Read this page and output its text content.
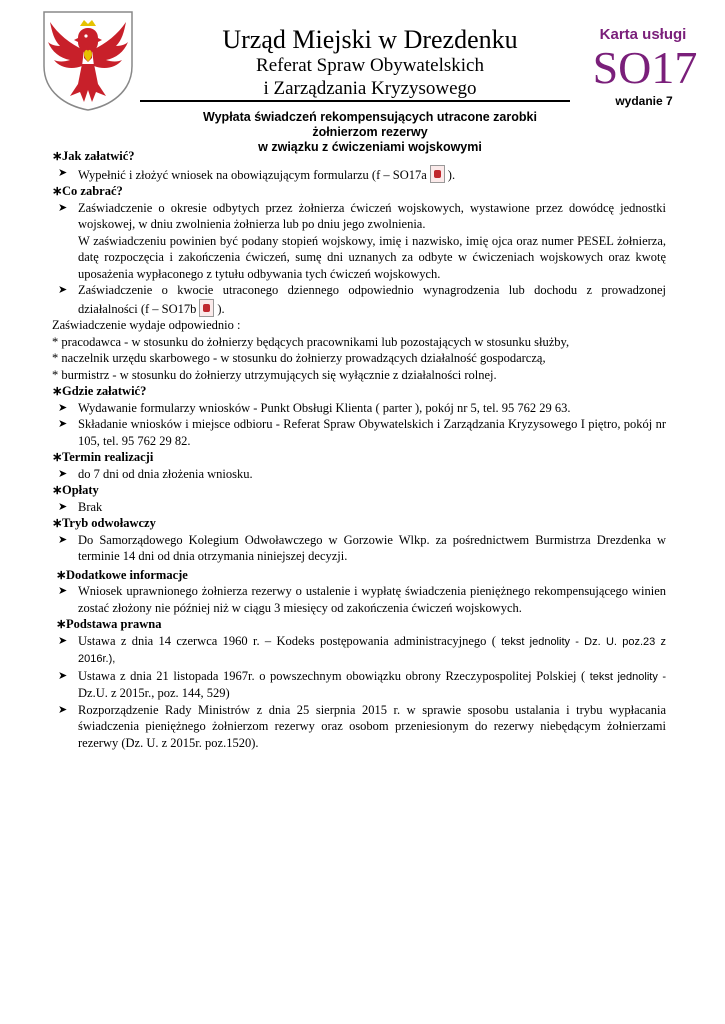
Urząd Miejski w Drezdenku
Referat Spraw Obywatelskich
i Zarządzania Kryzysowego
Karta usługi
SO17
wydanie 7
Wypłata świadczeń rekompensujących utracone zarobki
żołnierzom rezerwy
w związku z ćwiczeniami wojskowymi
∗ Jak załatwić?
➤ Wypełnić i złożyć wniosek na obowiązującym formularzu (f – SO17a ).
∗ Co zabrać?
➤ Zaświadczenie o okresie odbytych przez żołnierza ćwiczeń wojskowych, wystawione przez dowódcę jednostki wojskowej, w dniu zwolnienia żołnierza lub po dniu jego zwolnienia.
W zaświadczeniu powinien być podany stopień wojskowy, imię i nazwisko, imię ojca oraz numer PESEL żołnierza, datę rozpoczęcia i zakończenia ćwiczeń, sumę dni uznanych za odbyte w ćwiczeniach wojskowych oraz kwotę uposażenia wypłaconego z tytułu odbywania tych ćwiczeń wojskowych.
➤ Zaświadczenie o kwocie utraconego dziennego odpowiednio wynagrodzenia lub dochodu z prowadzonej działalności (f – SO17b ).
Zaświadczenie wydaje odpowiednio :
* pracodawca - w stosunku do żołnierzy będących pracownikami lub pozostających w stosunku służby,
* naczelnik urzędu skarbowego - w stosunku do żołnierzy prowadzących działalność gospodarczą,
* burmistrz - w stosunku do żołnierzy utrzymujących się wyłącznie z działalności rolnej.
∗ Gdzie załatwić?
➤ Wydawanie formularzy wniosków - Punkt Obsługi Klienta ( parter ), pokój nr 5, tel. 95 762 29 63.
➤ Składanie wniosków i miejsce odbioru - Referat Spraw Obywatelskich i Zarządzania Kryzysowego I piętro, pokój nr 105, tel. 95 762 29 82.
∗ Termin realizacji
➤ do 7 dni od dnia złożenia wniosku.
∗ Opłaty
➤ Brak
∗ Tryb odwoławczy
➤ Do Samorządowego Kolegium Odwoławczego w Gorzowie Wlkp. za pośrednictwem Burmistrza Drezdenka w terminie 14 dni od dnia otrzymania niniejszej decyzji.
∗ Dodatkowe informacje
➤ Wniosek uprawnionego żołnierza rezerwy o ustalenie i wypłatę świadczenia pieniężnego rekompensującego winien zostać złożony nie później niż w ciągu 3 miesięcy od zakończenia ćwiczeń wojskowych.
∗ Podstawa prawna
➤ Ustawa z dnia 14 czerwca 1960 r. – Kodeks postępowania administracyjnego ( tekst jednolity - Dz. U. poz.23 z 2016r.),
➤ Ustawa z dnia 21 listopada 1967r. o powszechnym obowiązku obrony Rzeczypospolitej Polskiej ( tekst jednolity - Dz.U. z 2015r., poz. 144, 529)
➤ Rozporządzenie Rady Ministrów z dnia 25 sierpnia 2015 r. w sprawie sposobu ustalania i trybu wypłacania świadczenia pieniężnego żołnierzom rezerwy oraz osobom przeniesionym do rezerwy niebędącym żołnierzami rezerwy (Dz. U. z 2015r. poz.1520).
